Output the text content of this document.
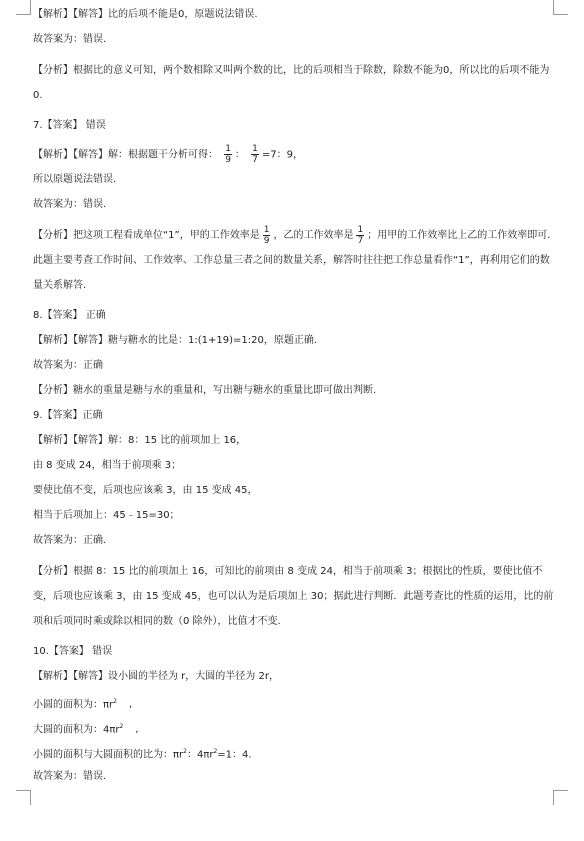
【解析】【解答】比的后项不能是0，原题说法错误.

故答案为：错误.

【分析】根据比的意义可知，两个数相除又叫两个数的比，比的后项相当于除数，除数不能为0，所以比的后项不能为0.

7.【答案】 错误

【解析】【解答】解：根据题干分析可得： $\frac{1}{9}$ ： $\frac{1}{7} =7$：9，

所以原题说法错误.

故答案为：错误.

【分析】把这项工程看成单位“1”，甲的工作效率是 $\frac{1}{9}$ ，乙的工作效率是 $\frac{1}{7}$ ；用甲的工作效率比上乙的工作效率即可．此题主要考查工作时间、工作效率、工作总量三者之间的数量关系，解答时往往把工作总量看作“1”，再利用它们的数量关系解答.

8.【答案】 正确

【解析】【解答】糖与糖水的比是：1:(1+19)=1:20，原题正确.

故答案为：正确

【分析】糖水的重量是糖与水的重量和，写出糖与糖水的重量比即可做出判断.

9.【答案】正确

【解析】【解答】解：8：15 比的前项加上 16，

由 8 变成 24，相当于前项乘 3；

要使比值不变，后项也应该乘 3，由 15 变成 45，

相当于后项加上：45﹣15=30；

故答案为：正确.

【分析】根据 8：15 比的前项加上 16，可知比的前项由 8 变成 24，相当于前项乘 3；根据比的性质，要使比值不变，后项也应该乘 3，由 15 变成 45，也可以认为是后项加上 30；据此进行判断．此题考查比的性质的运用，比的前项和后项同时乘或除以相同的数（0 除外），比值才不变.

10.【答案】 错误

【解析】【解答】设小圆的半径为 r，大圆的半径为 2r，

小圆的面积为：$\pi r^2$ ,

大圆的面积为：$4\pi r^2$ ,

小圆的面积与大圆面积的比为：$\pi r^2$：$4\pi r^2=1$：4.

故答案为：错误.
